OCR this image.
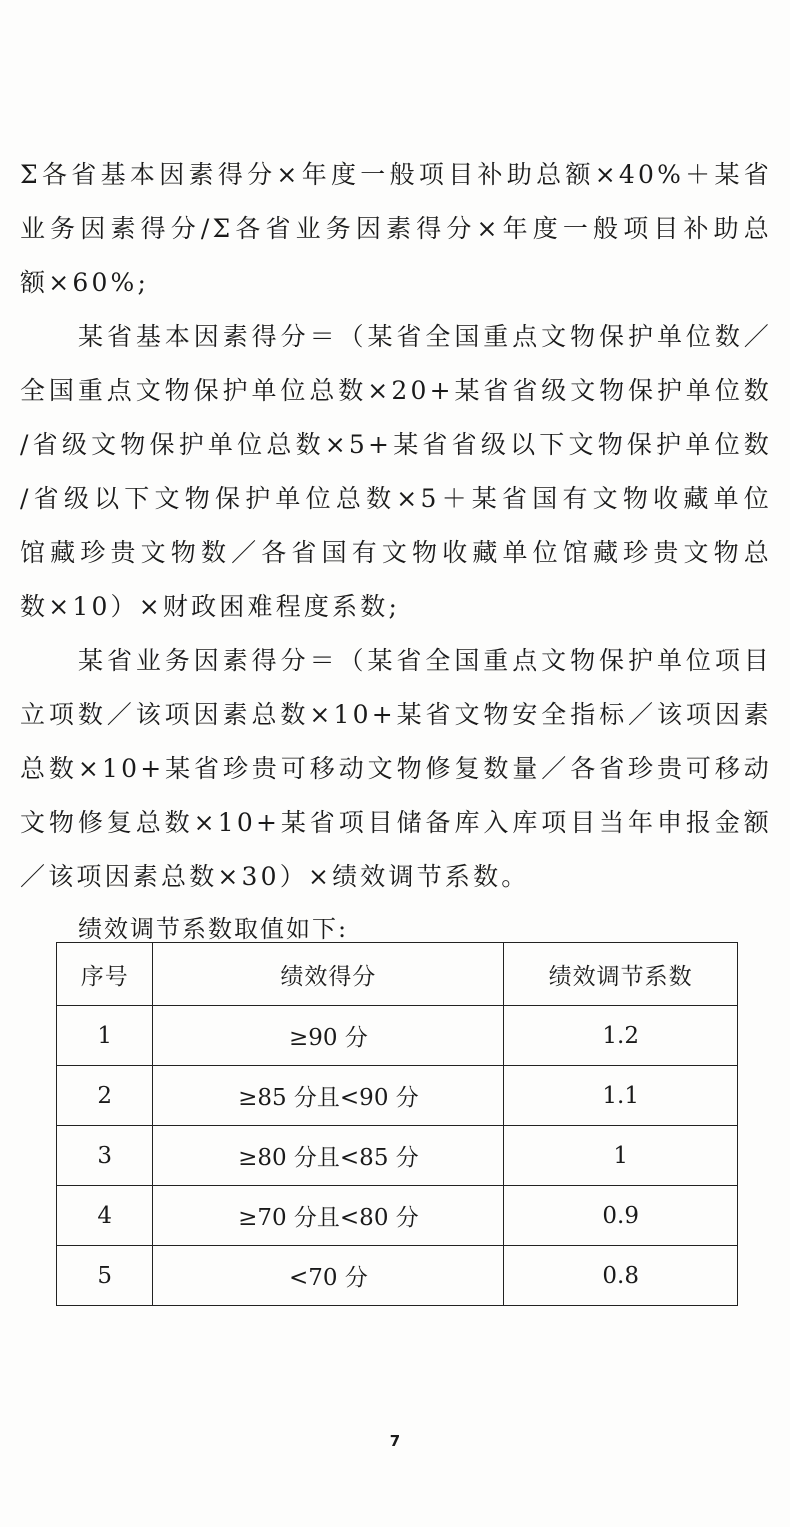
Σ各省基本因素得分×年度一般项目补助总额×40%＋某省
业务因素得分/Σ各省业务因素得分×年度一般项目补助总
额×60%;
某省基本因素得分＝（某省全国重点文物保护单位数／
全国重点文物保护单位总数×20+某省省级文物保护单位数
/省级文物保护单位总数×5+某省省级以下文物保护单位数
/省级以下文物保护单位总数×5＋某省国有文物收藏单位
馆藏珍贵文物数／各省国有文物收藏单位馆藏珍贵文物总
数×10）×财政困难程度系数;
某省业务因素得分＝（某省全国重点文物保护单位项目
立项数／该项因素总数×10+某省文物安全指标／该项因素
总数×10+某省珍贵可移动文物修复数量／各省珍贵可移动
文物修复总数×10+某省项目储备库入库项目当年申报金额
／该项因素总数×30）×绩效调节系数。
绩效调节系数取值如下:
序号	绩效得分	绩效调节系数
1	≥90 分	1.2
2	≥85 分且<90 分	1.1
3	≥80 分且<85 分	1
4	≥70 分且<80 分	0.9
5	<70 分	0.8
7
